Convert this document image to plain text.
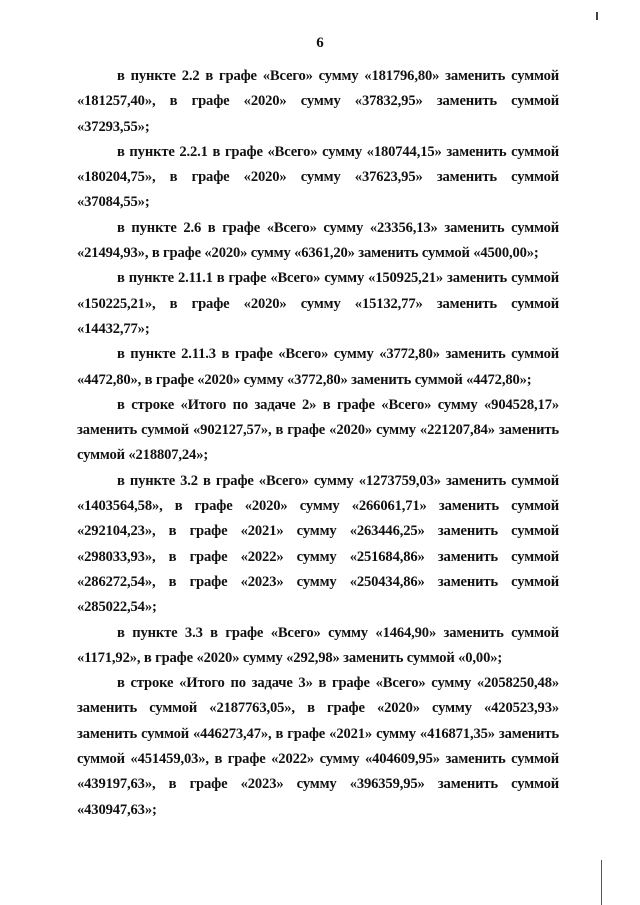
6

в пункте 2.2 в графе «Всего» сумму «181796,80» заменить суммой «181257,40», в графе «2020» сумму «37832,95» заменить суммой «37293,55»;

в пункте 2.2.1 в графе «Всего» сумму «180744,15» заменить суммой «180204,75», в графе «2020» сумму «37623,95» заменить суммой «37084,55»;

в пункте 2.6 в графе «Всего» сумму «23356,13» заменить суммой «21494,93», в графе «2020» сумму «6361,20» заменить суммой «4500,00»;

в пункте 2.11.1 в графе «Всего» сумму «150925,21» заменить суммой «150225,21», в графе «2020» сумму «15132,77» заменить суммой «14432,77»;

в пункте 2.11.3 в графе «Всего» сумму «3772,80» заменить суммой «4472,80», в графе «2020» сумму «3772,80» заменить суммой «4472,80»;

в строке «Итого по задаче 2» в графе «Всего» сумму «904528,17» заменить суммой «902127,57», в графе «2020» сумму «221207,84» заменить суммой «218807,24»;

в пункте 3.2 в графе «Всего» сумму «1273759,03» заменить суммой «1403564,58», в графе «2020» сумму «266061,71» заменить суммой «292104,23», в графе «2021» сумму «263446,25» заменить суммой «298033,93», в графе «2022» сумму «251684,86» заменить суммой «286272,54», в графе «2023» сумму «250434,86» заменить суммой «285022,54»;

в пункте 3.3 в графе «Всего» сумму «1464,90» заменить суммой «1171,92», в графе «2020» сумму «292,98» заменить суммой «0,00»;

в строке «Итого по задаче 3» в графе «Всего» сумму «2058250,48» заменить суммой «2187763,05», в графе «2020» сумму «420523,93» заменить суммой «446273,47», в графе «2021» сумму «416871,35» заменить суммой «451459,03», в графе «2022» сумму «404609,95» заменить суммой «439197,63», в графе «2023» сумму «396359,95» заменить суммой «430947,63»;
